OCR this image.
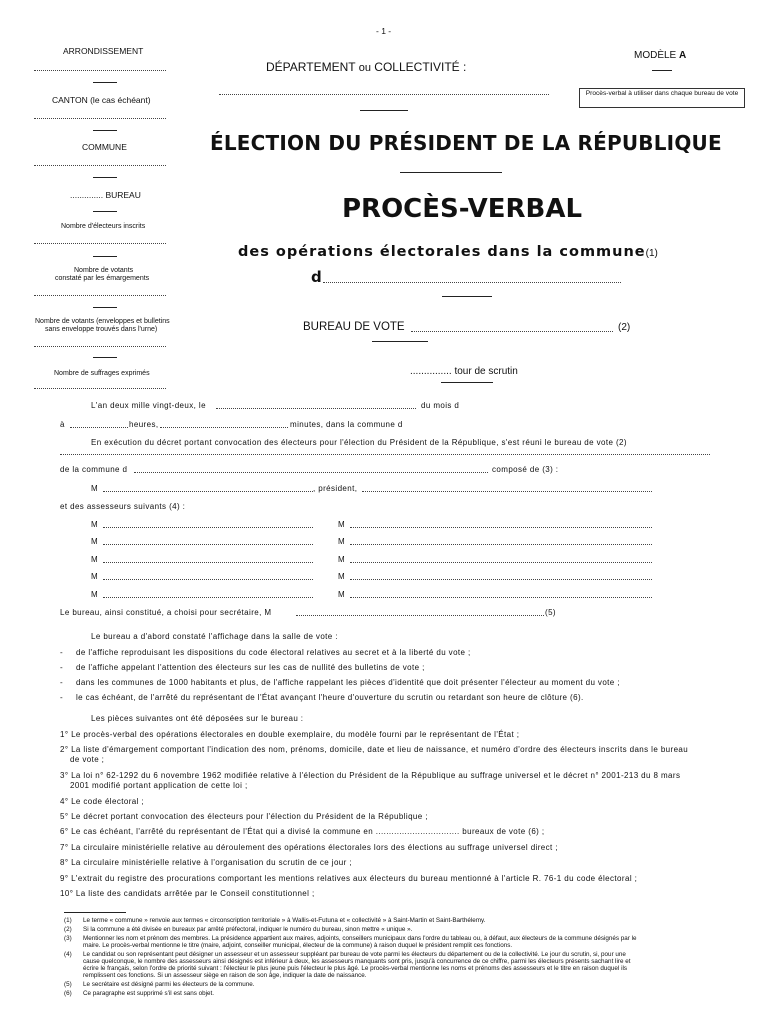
- 1 -
ARRONDISSEMENT
CANTON (le cas échéant)
COMMUNE
.............. BUREAU
Nombre d'électeurs inscrits
Nombre de votants
constaté par les émargements
Nombre de votants (enveloppes et bulletins
sans enveloppe trouvés dans l'urne)
Nombre de suffrages exprimés
DÉPARTEMENT ou COLLECTIVITÉ :
MODÈLE A
Procès-verbal à utiliser dans chaque bureau de vote
ÉLECTION DU PRÉSIDENT DE LA RÉPUBLIQUE
PROCÈS-VERBAL
des opérations électorales dans la commune(1)
d
BUREAU DE VOTE	(2)
............... tour de scrutin
L'an deux mille vingt-deux, le	du mois d
à	heures,	minutes, dans la commune d
En exécution du décret portant convocation des électeurs pour l'élection du Président de la République, s'est réuni le bureau de vote (2)
de la commune d	composé de (3) :
M	, président,
et des assesseurs suivants (4) :
M	M
M	M
M	M
M	M
M	M
Le bureau, ainsi constitué, a choisi pour secrétaire, M	(5)
Le bureau a d'abord constaté l'affichage dans la salle de vote :
- de l'affiche reproduisant les dispositions du code électoral relatives au secret et à la liberté du vote ;
- de l'affiche appelant l'attention des électeurs sur les cas de nullité des bulletins de vote ;
- dans les communes de 1000 habitants et plus, de l'affiche rappelant les pièces d'identité que doit présenter l'électeur au moment du vote ;
- le cas échéant, de l'arrêté du représentant de l'État avançant l'heure d'ouverture du scrutin ou retardant son heure de clôture (6).
Les pièces suivantes ont été déposées sur le bureau :
1° Le procès-verbal des opérations électorales en double exemplaire, du modèle fourni par le représentant de l'État ;
2° La liste d'émargement comportant l'indication des nom, prénoms, domicile, date et lieu de naissance, et numéro d'ordre des électeurs inscrits dans le bureau
de vote ;
3° La loi n° 62-1292 du 6 novembre 1962 modifiée relative à l'élection du Président de la République au suffrage universel et le décret n° 2001-213 du 8 mars
2001 modifié portant application de cette loi ;
4° Le code électoral ;
5° Le décret portant convocation des électeurs pour l'élection du Président de la République ;
6° Le cas échéant, l'arrêté du représentant de l'État qui a divisé la commune en ................................ bureaux de vote (6) ;
7° La circulaire ministérielle relative au déroulement des opérations électorales lors des élections au suffrage universel direct ;
8° La circulaire ministérielle relative à l'organisation du scrutin de ce jour ;
9° L'extrait du registre des procurations comportant les mentions relatives aux électeurs du bureau mentionné à l'article R. 76-1 du code électoral ;
10° La liste des candidats arrêtée par le Conseil constitutionnel ;
(1)	Le terme « commune » renvoie aux termes « circonscription territoriale » à Wallis-et-Futuna et « collectivité » à Saint-Martin et Saint-Barthélemy.
(2)	Si la commune a été divisée en bureaux par arrêté préfectoral, indiquer le numéro du bureau, sinon mettre « unique ».
(3)	Mentionner les nom et prénom des membres. La présidence appartient aux maires, adjoints, conseillers municipaux dans l'ordre du tableau ou, à défaut, aux électeurs de la commune désignés par le
maire. Le procès-verbal mentionne le titre (maire, adjoint, conseiller municipal, électeur de la commune) à raison duquel le président remplit ces fonctions.
(4)	Le candidat ou son représentant peut désigner un assesseur et un assesseur suppléant par bureau de vote parmi les électeurs du département ou de la collectivité. Le jour du scrutin, si, pour une
cause quelconque, le nombre des assesseurs ainsi désignés est inférieur à deux, les assesseurs manquants sont pris, jusqu'à concurrence de ce chiffre, parmi les électeurs présents sachant lire et
écrire le français, selon l'ordre de priorité suivant : l'électeur le plus jeune puis l'électeur le plus âgé. Le procès-verbal mentionne les noms et prénoms des assesseurs et le titre en raison duquel ils
remplissent ces fonctions. Si un assesseur siège en raison de son âge, indiquer la date de naissance.
(5)	Le secrétaire est désigné parmi les électeurs de la commune.
(6)	Ce paragraphe est supprimé s'il est sans objet.
